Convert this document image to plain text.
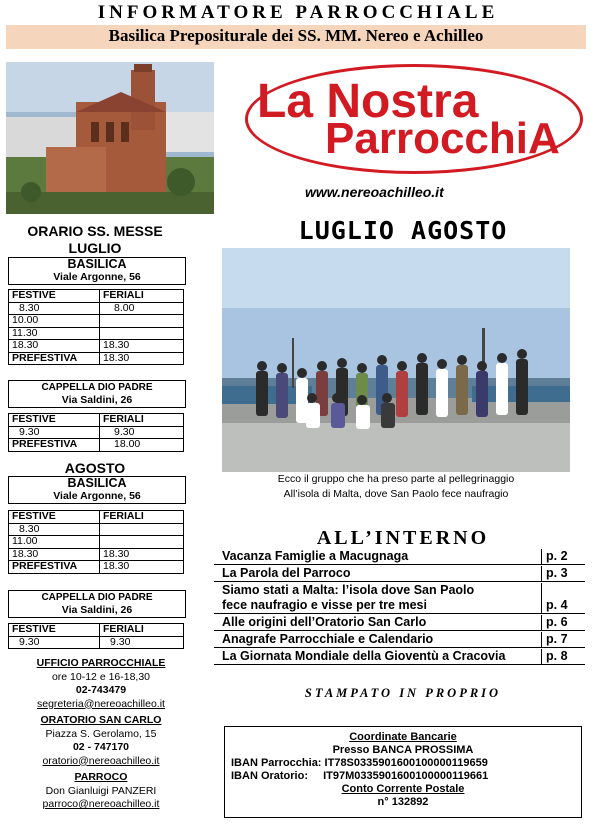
INFORMATORE PARROCCHIALE
Basilica Prepositurale dei SS. MM. Nereo e Achilleo
La Nostra
ParrocchiA
www.nereoachilleo.it
LUGLIO AGOSTO
Ecco il gruppo che ha preso parte al pellegrinaggio
All’isola di Malta, dove San Paolo fece naufragio
ORARIO SS. MESSE
LUGLIO
BASILICA
Viale Argonne, 56
FESTIVE	FERIALI
8.30	8.00
10.00	
11.30	
18.30	18.30
PREFESTIVA	18.30
CAPPELLA DIO PADRE
Via Saldini, 26
FESTIVE	FERIALI
9.30	9.30
PREFESTIVA	18.00
AGOSTO
BASILICA
Viale Argonne, 56
FESTIVE	FERIALI
8.30	
11.00	
18.30	18.30
PREFESTIVA	18.30
CAPPELLA DIO PADRE
Via Saldini, 26
FESTIVE	FERIALI
9.30	9.30
UFFICIO PARROCCHIALE
ore 10-12 e 16-18,30
02-743479
segreteria@nereoachilleo.it
ORATORIO SAN CARLO
Piazza S. Gerolamo, 15
02 - 747170
oratorio@nereoachilleo.it
PARROCO
Don Gianluigi PANZERI
parroco@nereoachilleo.it
ALL’INTERNO
Vacanza Famiglie a Macugnaga	p. 2
La Parola del Parroco	p. 3
Siamo stati a Malta: l’isola dove San Paolo
fece naufragio e visse per tre mesi	p. 4
Alle origini dell’Oratorio San Carlo	p. 6
Anagrafe Parrocchiale e Calendario	p. 7
La Giornata Mondiale della Gioventù a Cracovia	p. 8
STAMPATO IN PROPRIO
Coordinate Bancarie
Presso BANCA PROSSIMA
IBAN Parrocchia: IT78S0335901600100000119659
IBAN Oratorio: IT97M0335901600100000119661
Conto Corrente Postale
n° 132892
